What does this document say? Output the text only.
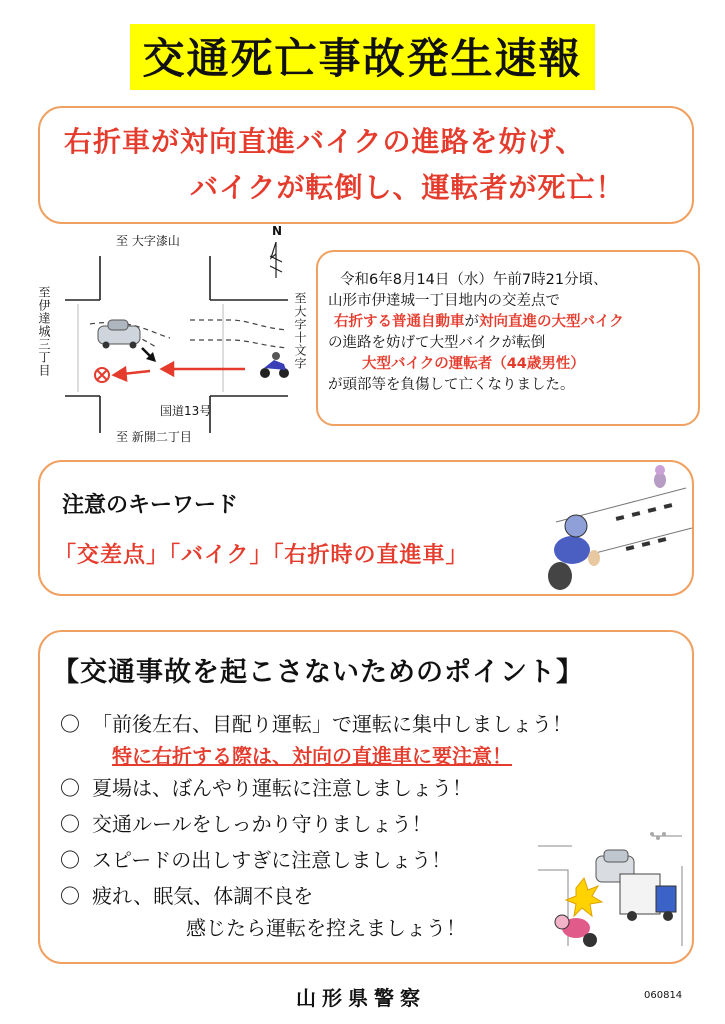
交通死亡事故発生速報
右折車が対向直進バイクの進路を妨げ、
バイクが転倒し、運転者が死亡！
N
至 大字漆山
至伊達城三丁目	至大字十文字
国道13号
至 新開二丁目
令和6年8月14日（水）午前7時21分頃、
山形市伊達城一丁目地内の交差点で
右折する普通自動車が対向直進の大型バイク
の進路を妨げて大型バイクが転倒
大型バイクの運転者（44歳男性）
が頭部等を負傷して亡くなりました。
注意のキーワード
「交差点」「バイク」「右折時の直進車」
【交通事故を起こさないためのポイント】
〇 「前後左右、目配り運転」で運転に集中しましょう！
特に右折する際は、対向の直進車に要注意！
〇 夏場は、ぼんやり運転に注意しましょう！
〇 交通ルールをしっかり守りましょう！
〇 スピードの出しすぎに注意しましょう！
〇 疲れ、眠気、体調不良を
感じたら運転を控えましょう！
山形県警察	060814
